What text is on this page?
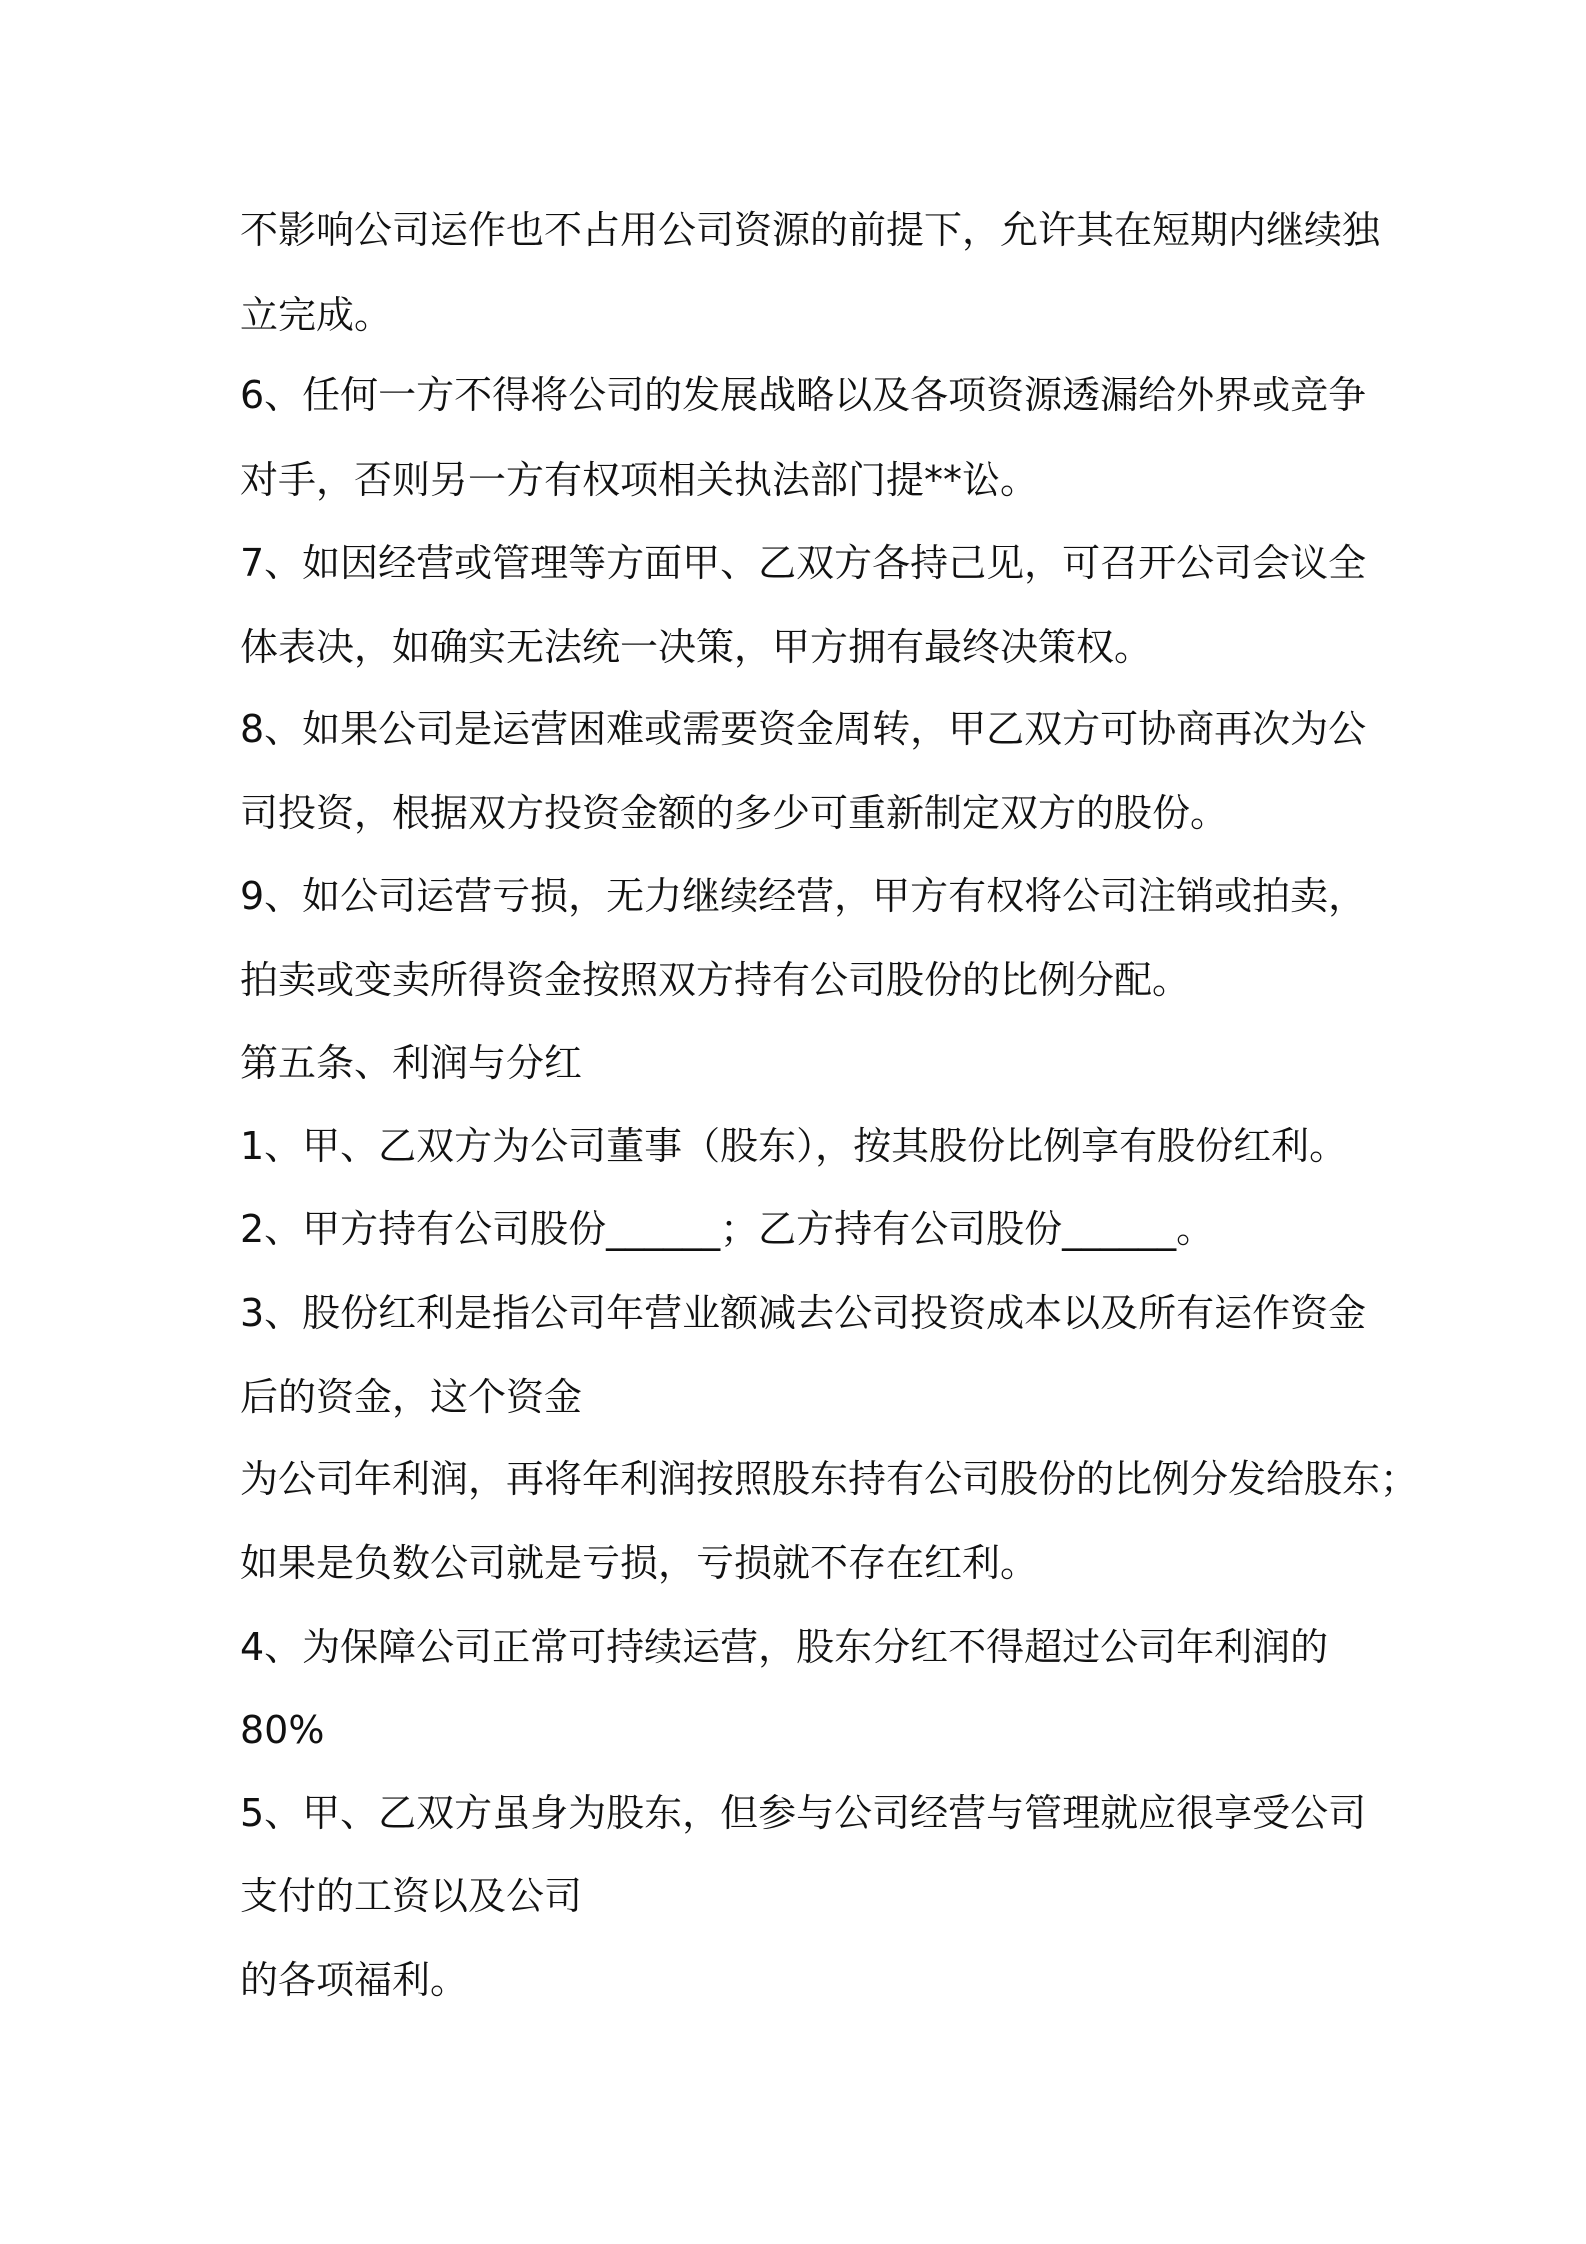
不影响公司运作也不占用公司资源的前提下，允许其在短期内继续独
立完成。
6、任何一方不得将公司的发展战略以及各项资源透漏给外界或竞争
对手，否则另一方有权项相关执法部门提**讼。
7、如因经营或管理等方面甲、乙双方各持己见，可召开公司会议全
体表决，如确实无法统一决策，甲方拥有最终决策权。
8、如果公司是运营困难或需要资金周转，甲乙双方可协商再次为公
司投资，根据双方投资金额的多少可重新制定双方的股份。
9、如公司运营亏损，无力继续经营，甲方有权将公司注销或拍卖，
拍卖或变卖所得资金按照双方持有公司股份的比例分配。
第五条、利润与分红
1、甲、乙双方为公司董事（股东），按其股份比例享有股份红利。
2、甲方持有公司股份______；乙方持有公司股份______。
3、股份红利是指公司年营业额减去公司投资成本以及所有运作资金
后的资金，这个资金
为公司年利润，再将年利润按照股东持有公司股份的比例分发给股东；
如果是负数公司就是亏损，亏损就不存在红利。
4、为保障公司正常可持续运营，股东分红不得超过公司年利润的
80%
5、甲、乙双方虽身为股东，但参与公司经营与管理就应很享受公司
支付的工资以及公司
的各项福利。
